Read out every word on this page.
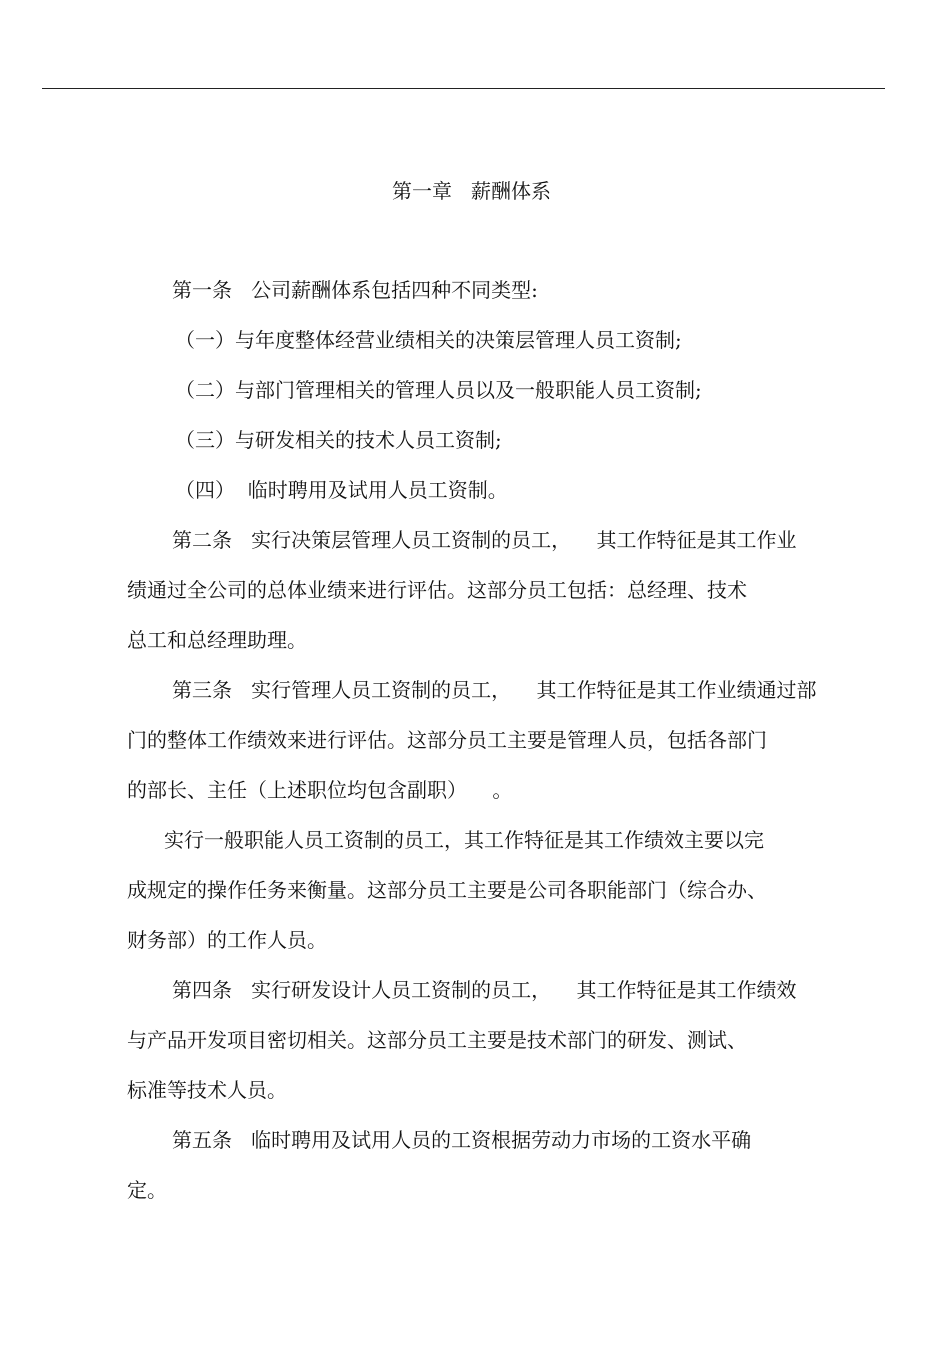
第一章   薪酬体系
第一条   公司薪酬体系包括四种不同类型:
（一）与年度整体经营业绩相关的决策层管理人员工资制;
（二）与部门管理相关的管理人员以及一般职能人员工资制;
（三）与研发相关的技术人员工资制;
（四）  临时聘用及试用人员工资制。
第二条   实行决策层管理人员工资制的员工，    其工作特征是其工作业
绩通过全公司的总体业绩来进行评估。这部分员工包括：总经理、技术
总工和总经理助理。
第三条   实行管理人员工资制的员工，    其工作特征是其工作业绩通过部
门的整体工作绩效来进行评估。这部分员工主要是管理人员，包括各部门
的部长、主任（上述职位均包含副职）    。
实行一般职能人员工资制的员工，其工作特征是其工作绩效主要以完
成规定的操作任务来衡量。这部分员工主要是公司各职能部门（综合办、
财务部）的工作人员。
第四条   实行研发设计人员工资制的员工，    其工作特征是其工作绩效
与产品开发项目密切相关。这部分员工主要是技术部门的研发、测试、
标准等技术人员。
第五条   临时聘用及试用人员的工资根据劳动力市场的工资水平确
定。
